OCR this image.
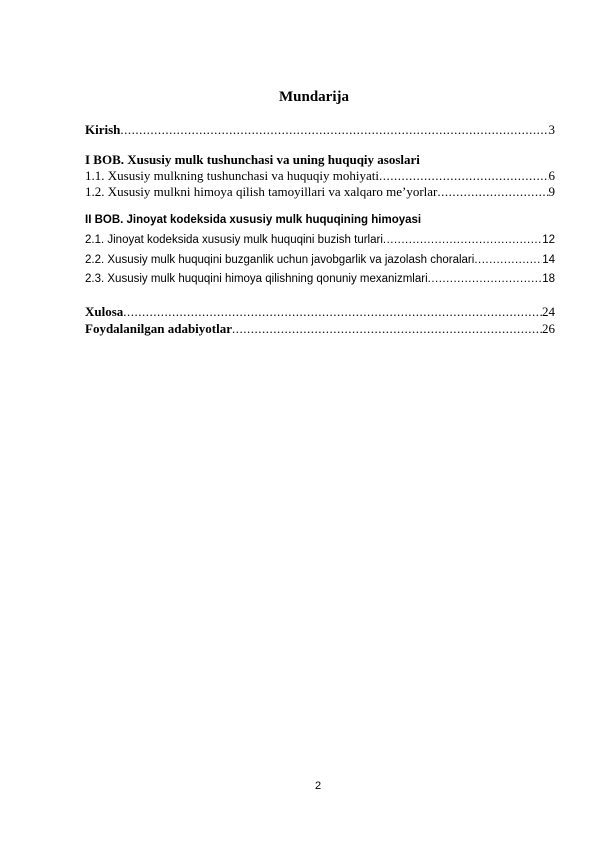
Mundarija
Kirish .....	3
I BOB. Xususiy mulk tushunchasi va uning huquqiy asoslari
1.1. Xususiy mulkning tushunchasi va huquqiy mohiyati .....	6
1.2. Xususiy mulkni himoya qilish tamoyillari va xalqaro me’yorlar .....	9
II BOB. Jinoyat kodeksida xususiy mulk huquqining himoyasi
2.1. Jinoyat kodeksida xususiy mulk huquqini buzish turlari .....	12
2.2. Xususiy mulk huquqini buzganlik uchun javobgarlik va jazolash choralari .....	14
2.3. Xususiy mulk huquqini himoya qilishning qonuniy mexanizmlari .....	18
Xulosa .....	24
Foydalanilgan adabiyotlar .....	26
2
